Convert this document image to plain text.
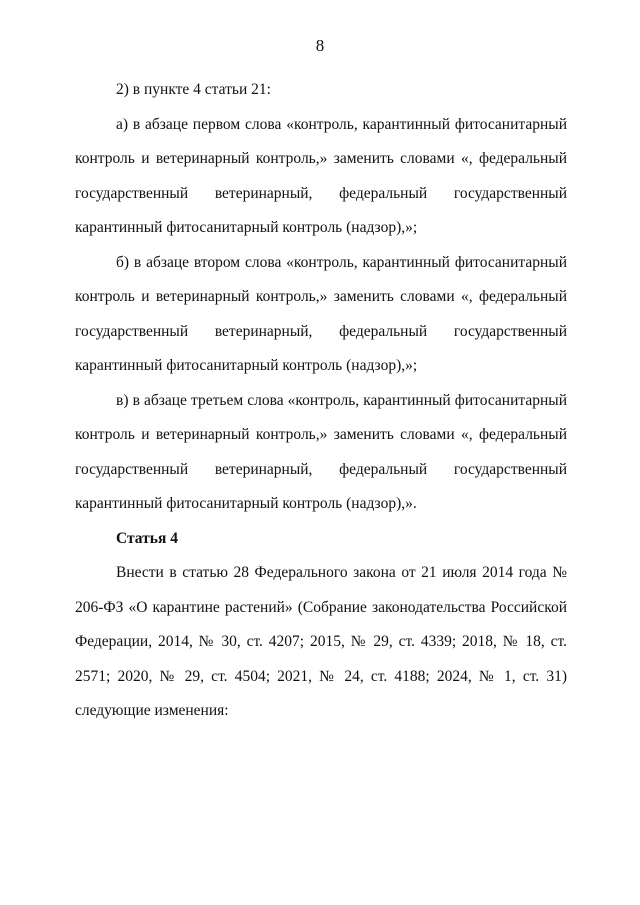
8

2) в пункте 4 статьи 21:

а) в абзаце первом слова «контроль, карантинный фитосанитарный контроль и ветеринарный контроль,» заменить словами «, федеральный государственный ветеринарный, федеральный государственный карантинный фитосанитарный контроль (надзор),»;

б) в абзаце втором слова «контроль, карантинный фитосанитарный контроль и ветеринарный контроль,» заменить словами «, федеральный государственный ветеринарный, федеральный государственный карантинный фитосанитарный контроль (надзор),»;

в) в абзаце третьем слова «контроль, карантинный фитосанитарный контроль и ветеринарный контроль,» заменить словами «, федеральный государственный ветеринарный, федеральный государственный карантинный фитосанитарный контроль (надзор),».

Статья 4

Внести в статью 28 Федерального закона от 21 июля 2014 года № 206-ФЗ «О карантине растений» (Собрание законодательства Российской Федерации, 2014, № 30, ст. 4207; 2015, № 29, ст. 4339; 2018, № 18, ст. 2571; 2020, № 29, ст. 4504; 2021, № 24, ст. 4188; 2024, № 1, ст. 31) следующие изменения:
